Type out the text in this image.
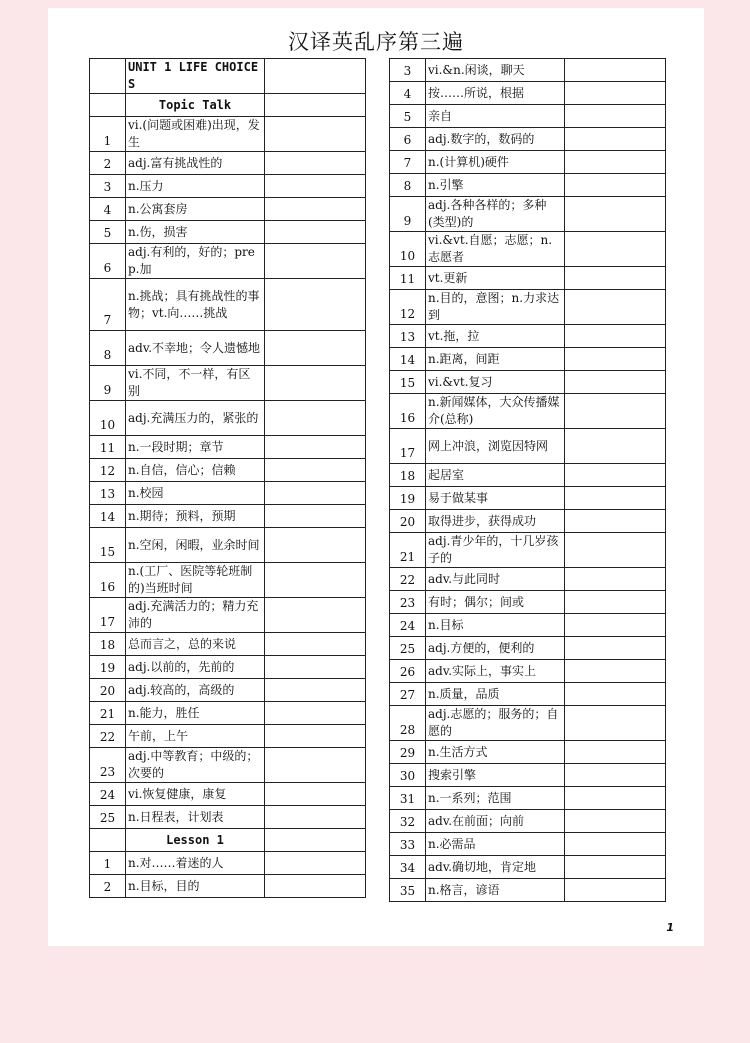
汉译英乱序第三遍
	UNIT 1 LIFE CHOICES	
	Topic Talk	
1	vi.(问题或困难)出现，发生	
2	adj.富有挑战性的	
3	n.压力	
4	n.公寓套房	
5	n.伤，损害	
6	adj.有利的，好的；prep.加	
7	n.挑战；具有挑战性的事物；vt.向……挑战	
8	adv.不幸地；令人遗憾地	
9	vi.不同，不一样，有区别	
10	adj.充满压力的，紧张的	
11	n.一段时期；章节	
12	n.自信，信心；信赖	
13	n.校园	
14	n.期待；预料，预期	
15	n.空闲，闲暇，业余时间	
16	n.(工厂、医院等轮班制的)当班时间	
17	adj.充满活力的；精力充沛的	
18	总而言之，总的来说	
19	adj.以前的，先前的	
20	adj.较高的，高级的	
21	n.能力，胜任	
22	午前，上午	
23	adj.中等教育；中级的；次要的	
24	vi.恢复健康，康复	
25	n.日程表，计划表	
	Lesson 1	
1	n.对……着迷的人	
2	n.目标，目的	
3	vi.&n.闲谈，聊天	
4	按……所说，根据	
5	亲自	
6	adj.数字的，数码的	
7	n.(计算机)硬件	
8	n.引擎	
9	adj.各种各样的；多种(类型)的	
10	vi.&vt.自愿；志愿；n.志愿者	
11	vt.更新	
12	n.目的，意图；n.力求达到	
13	vt.拖，拉	
14	n.距离，间距	
15	vi.&vt.复习	
16	n.新闻媒体，大众传播媒介(总称)	
17	网上冲浪，浏览因特网	
18	起居室	
19	易于做某事	
20	取得进步，获得成功	
21	adj.青少年的，十几岁孩子的	
22	adv.与此同时	
23	有时；偶尔；间或	
24	n.目标	
25	adj.方便的，便利的	
26	adv.实际上，事实上	
27	n.质量，品质	
28	adj.志愿的；服务的；自愿的	
29	n.生活方式	
30	搜索引擎	
31	n.一系列；范围	
32	adv.在前面；向前	
33	n.必需品	
34	adv.确切地，肯定地	
35	n.格言，谚语	
1
